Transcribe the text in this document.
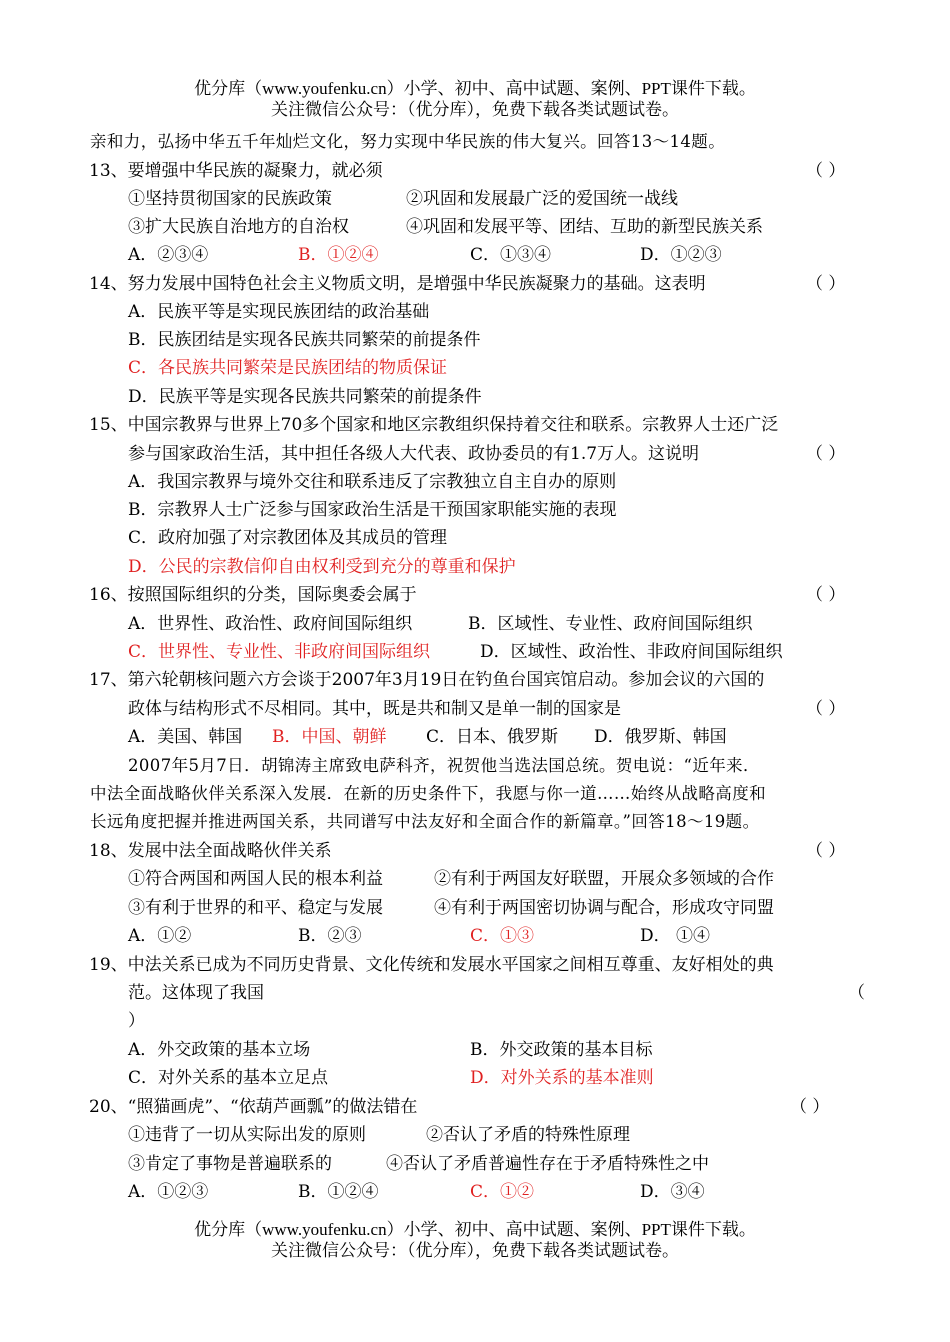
优分库（www.youfenku.cn）小学、初中、高中试题、案例、PPT课件下载。
关注微信公众号：（优分库），免费下载各类试题试卷。
亲和力，弘扬中华五千年灿烂文化，努力实现中华民族的伟大复兴。回答13～14题。
13、要增强中华民族的凝聚力，就必须	（ ）
①坚持贯彻国家的民族政策	②巩固和发展最广泛的爱国统一战线
③扩大民族自治地方的自治权	④巩固和发展平等、团结、互助的新型民族关系
A．②③④	B．①②④	C．①③④	D．①②③
14、努力发展中国特色社会主义物质文明，是增强中华民族凝聚力的基础。这表明	（ ）
A．民族平等是实现民族团结的政治基础
B．民族团结是实现各民族共同繁荣的前提条件
C．各民族共同繁荣是民族团结的物质保证
D．民族平等是实现各民族共同繁荣的前提条件
15、中国宗教界与世界上70多个国家和地区宗教组织保持着交往和联系。宗教界人士还广泛
参与国家政治生活，其中担任各级人大代表、政协委员的有1.7万人。这说明	（ ）
A．我国宗教界与境外交往和联系违反了宗教独立自主自办的原则
B．宗教界人士广泛参与国家政治生活是干预国家职能实施的表现
C．政府加强了对宗教团体及其成员的管理
D．公民的宗教信仰自由权利受到充分的尊重和保护
16、按照国际组织的分类，国际奥委会属于	（ ）
A．世界性、政治性、政府间国际组织	B．区域性、专业性、政府间国际组织
C．世界性、专业性、非政府间国际组织	D．区域性、政治性、非政府间国际组织
17、第六轮朝核问题六方会谈于2007年3月19日在钓鱼台国宾馆启动。参加会议的六国的
政体与结构形式不尽相同。其中，既是共和制又是单一制的国家是	（ ）
A．美国、韩国 B．中国、朝鲜 C．日本、俄罗斯 D．俄罗斯、韩国
2007年5月7日．胡锦涛主席致电萨科齐，祝贺他当选法国总统。贺电说：“近年来．
中法全面战略伙伴关系深入发展．在新的历史条件下，我愿与你一道……始终从战略高度和
长远角度把握并推进两国关系，共同谱写中法友好和全面合作的新篇章。”回答18～19题。
18、发展中法全面战略伙伴关系	（ ）
①符合两国和两国人民的根本利益	②有利于两国友好联盟，开展众多领域的合作
③有利于世界的和平、稳定与发展	④有利于两国密切协调与配合，形成攻守同盟
A．①②	B．②③	C．①③	D． ①④
19、中法关系已成为不同历史背景、文化传统和发展水平国家之间相互尊重、友好相处的典
范。这体现了我国	（
）
A．外交政策的基本立场	B．外交政策的基本目标
C．对外关系的基本立足点	D．对外关系的基本准则
20、“照猫画虎”、“依葫芦画瓢”的做法错在	（ ）
①违背了一切从实际出发的原则	②否认了矛盾的特殊性原理
③肯定了事物是普遍联系的	④否认了矛盾普遍性存在于矛盾特殊性之中
A．①②③	B．①②④	C．①②	D．③④
优分库（www.youfenku.cn）小学、初中、高中试题、案例、PPT课件下载。
关注微信公众号：（优分库），免费下载各类试题试卷。
